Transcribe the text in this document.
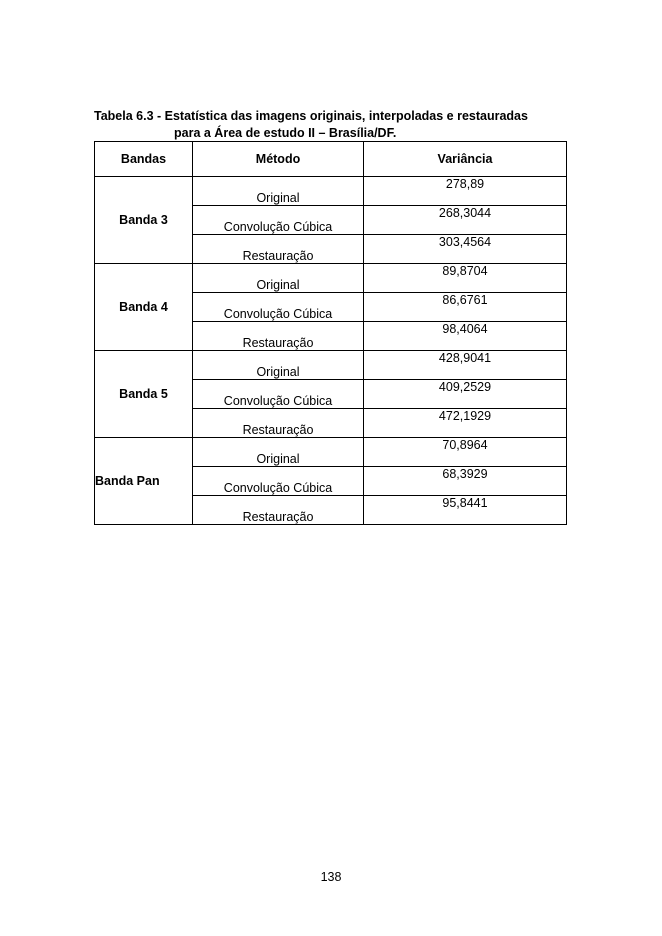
Tabela 6.3 - Estatística das imagens originais, interpoladas e restauradas
para a Área de estudo II – Brasília/DF.
Bandas	Método	Variância
Banda 3	Original	278,89
	Convolução Cúbica	268,3044
	Restauração	303,4564
Banda 4	Original	89,8704
	Convolução Cúbica	86,6761
	Restauração	98,4064
Banda 5	Original	428,9041
	Convolução Cúbica	409,2529
	Restauração	472,1929
Banda Pan	Original	70,8964
	Convolução Cúbica	68,3929
	Restauração	95,8441
138
